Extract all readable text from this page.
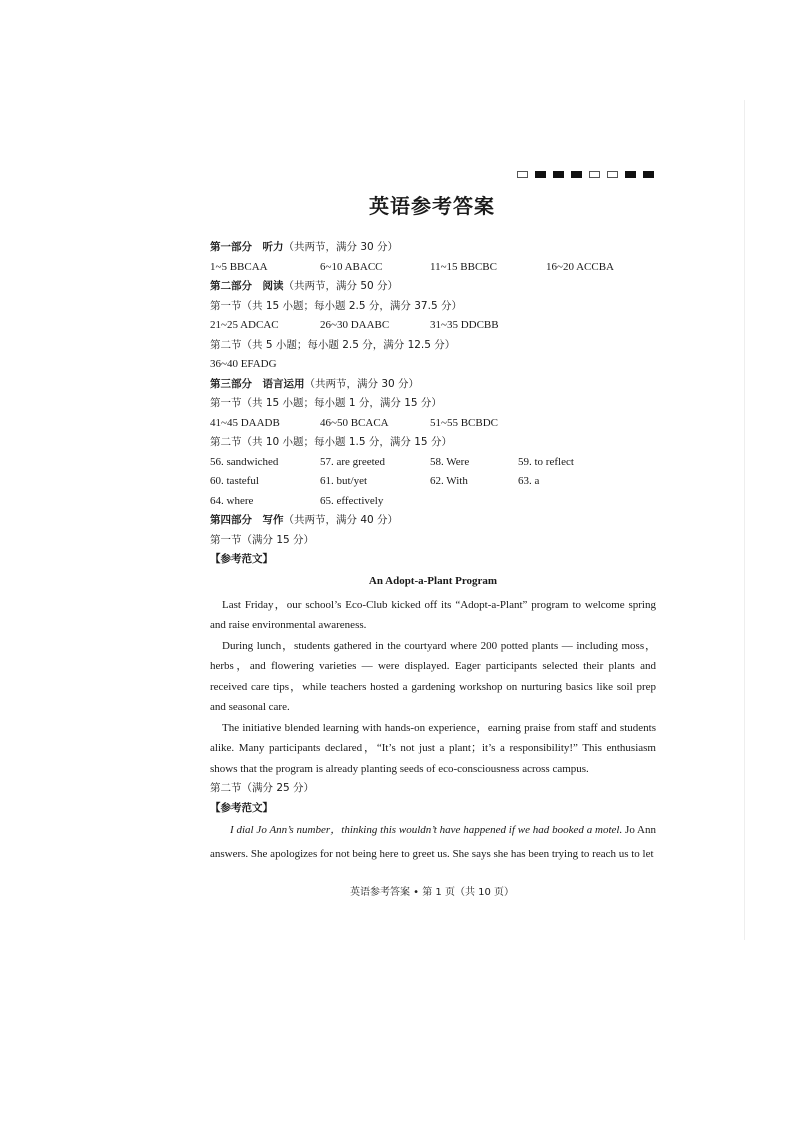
英语参考答案
第一部分　听力（共两节，满分 30 分）
1~5 BBCAA	6~10 ABACC	11~15 BBCBC	16~20 ACCBA
第二部分　阅读（共两节，满分 50 分）
第一节（共 15 小题；每小题 2.5 分，满分 37.5 分）
21~25 ADCAC	26~30 DAABC	31~35 DDCBB
第二节（共 5 小题；每小题 2.5 分，满分 12.5 分）
36~40 EFADG
第三部分　语言运用（共两节，满分 30 分）
第一节（共 15 小题；每小题 1 分，满分 15 分）
41~45 DAADB	46~50 BCACA	51~55 BCBDC
第二节（共 10 小题；每小题 1.5 分，满分 15 分）
56. sandwiched	57. are greeted	58. Were	59. to reflect
60. tasteful	61. but/yet	62. With	63. a
64. where	65. effectively
第四部分　写作（共两节，满分 40 分）
第一节（满分 15 分）
【参考范文】
An Adopt-a-Plant Program

Last Friday，our school’s Eco-Club kicked off its “Adopt-a-Plant” program to welcome spring and raise environmental awareness.

During lunch，students gathered in the courtyard where 200 potted plants — including moss，herbs，and flowering varieties — were displayed. Eager participants selected their plants and received care tips，while teachers hosted a gardening workshop on nurturing basics like soil prep and seasonal care.

The initiative blended learning with hands-on experience，earning praise from staff and students alike. Many participants declared，“It’s not just a plant；it’s a responsibility!” This enthusiasm shows that the program is already planting seeds of eco-consciousness across campus.

第二节（满分 25 分）
【参考范文】

I dial Jo Ann’s number，thinking this wouldn’t have happened if we had booked a motel. Jo Ann answers. She apologizes for not being here to greet us. She says she has been trying to reach us to let

英语参考答案 • 第 1 页（共 10 页）
